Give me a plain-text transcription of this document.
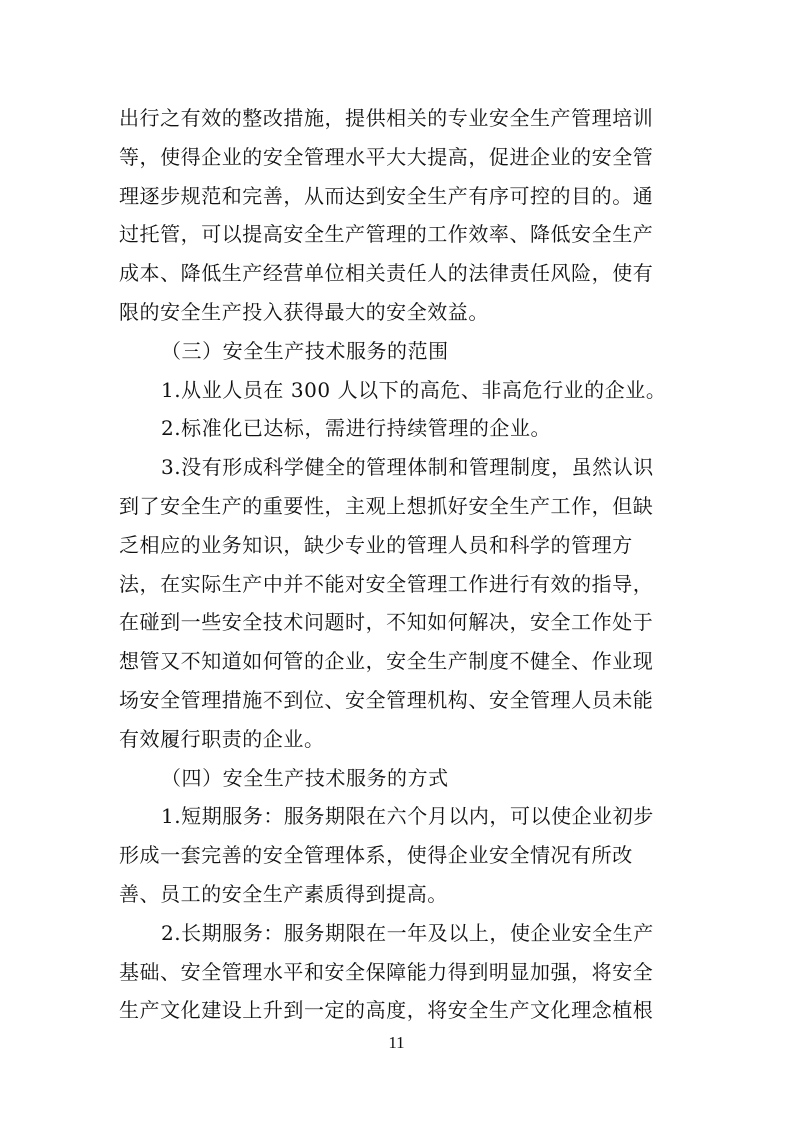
出行之有效的整改措施，提供相关的专业安全生产管理培训
等，使得企业的安全管理水平大大提高，促进企业的安全管
理逐步规范和完善，从而达到安全生产有序可控的目的。通
过托管，可以提高安全生产管理的工作效率、降低安全生产
成本、降低生产经营单位相关责任人的法律责任风险，使有
限的安全生产投入获得最大的安全效益。
（三）安全生产技术服务的范围
1.从业人员在 300 人以下的高危、非高危行业的企业。
2.标准化已达标，需进行持续管理的企业。
3.没有形成科学健全的管理体制和管理制度，虽然认识
到了安全生产的重要性，主观上想抓好安全生产工作，但缺
乏相应的业务知识，缺少专业的管理人员和科学的管理方
法，在实际生产中并不能对安全管理工作进行有效的指导，
在碰到一些安全技术问题时，不知如何解决，安全工作处于
想管又不知道如何管的企业，安全生产制度不健全、作业现
场安全管理措施不到位、安全管理机构、安全管理人员未能
有效履行职责的企业。
（四）安全生产技术服务的方式
1.短期服务：服务期限在六个月以内，可以使企业初步
形成一套完善的安全管理体系，使得企业安全情况有所改
善、员工的安全生产素质得到提高。
2.长期服务：服务期限在一年及以上，使企业安全生产
基础、安全管理水平和安全保障能力得到明显加强，将安全
生产文化建设上升到一定的高度，将安全生产文化理念植根
11
